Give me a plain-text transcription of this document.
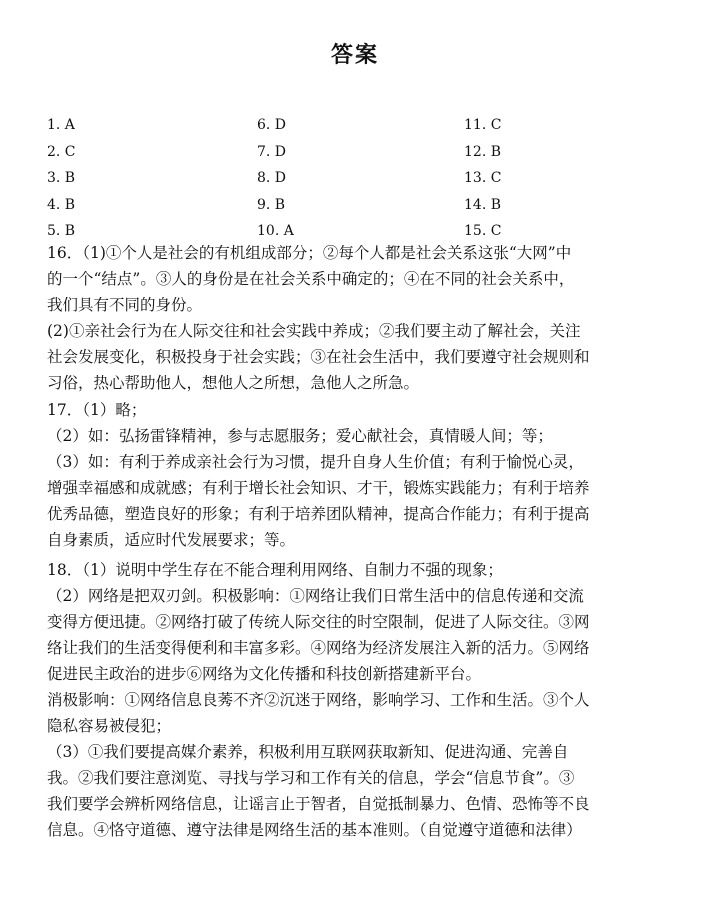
答案
1. A	6. D	11. C
2. C	7. D	12. B
3. B	8. D	13. C
4. B	9. B	14. B
5. B	10. A	15. C
16．（1)①个人是社会的有机组成部分；②每个人都是社会关系这张“大网”中
的一个“结点”。③人的身份是在社会关系中确定的；④在不同的社会关系中，
我们具有不同的身份。
(2)①亲社会行为在人际交往和社会实践中养成；②我们要主动了解社会，关注
社会发展变化，积极投身于社会实践；③在社会生活中，我们要遵守社会规则和
习俗，热心帮助他人，想他人之所想，急他人之所急。
17．（1）略；
（2）如：弘扬雷锋精神，参与志愿服务；爱心献社会，真情暖人间；等；
（3）如：有利于养成亲社会行为习惯，提升自身人生价值；有利于愉悦心灵，
增强幸福感和成就感；有利于增长社会知识、才干，锻炼实践能力；有利于培养
优秀品德，塑造良好的形象；有利于培养团队精神，提高合作能力；有利于提高
自身素质，适应时代发展要求；等。
18．（1）说明中学生存在不能合理利用网络、自制力不强的现象；
（2）网络是把双刃剑。积极影响：①网络让我们日常生活中的信息传递和交流
变得方便迅捷。②网络打破了传统人际交往的时空限制，促进了人际交往。③网
络让我们的生活变得便利和丰富多彩。④网络为经济发展注入新的活力。⑤网络
促进民主政治的进步⑥网络为文化传播和科技创新搭建新平台。
消极影响：①网络信息良莠不齐②沉迷于网络，影响学习、工作和生活。③个人
隐私容易被侵犯；
（3）①我们要提高媒介素养，积极利用互联网获取新知、促进沟通、完善自
我。②我们要注意浏览、寻找与学习和工作有关的信息，学会“信息节食”。③
我们要学会辨析网络信息，让谣言止于智者，自觉抵制暴力、色情、恐怖等不良
信息。④恪守道德、遵守法律是网络生活的基本准则。（自觉遵守道德和法律）
